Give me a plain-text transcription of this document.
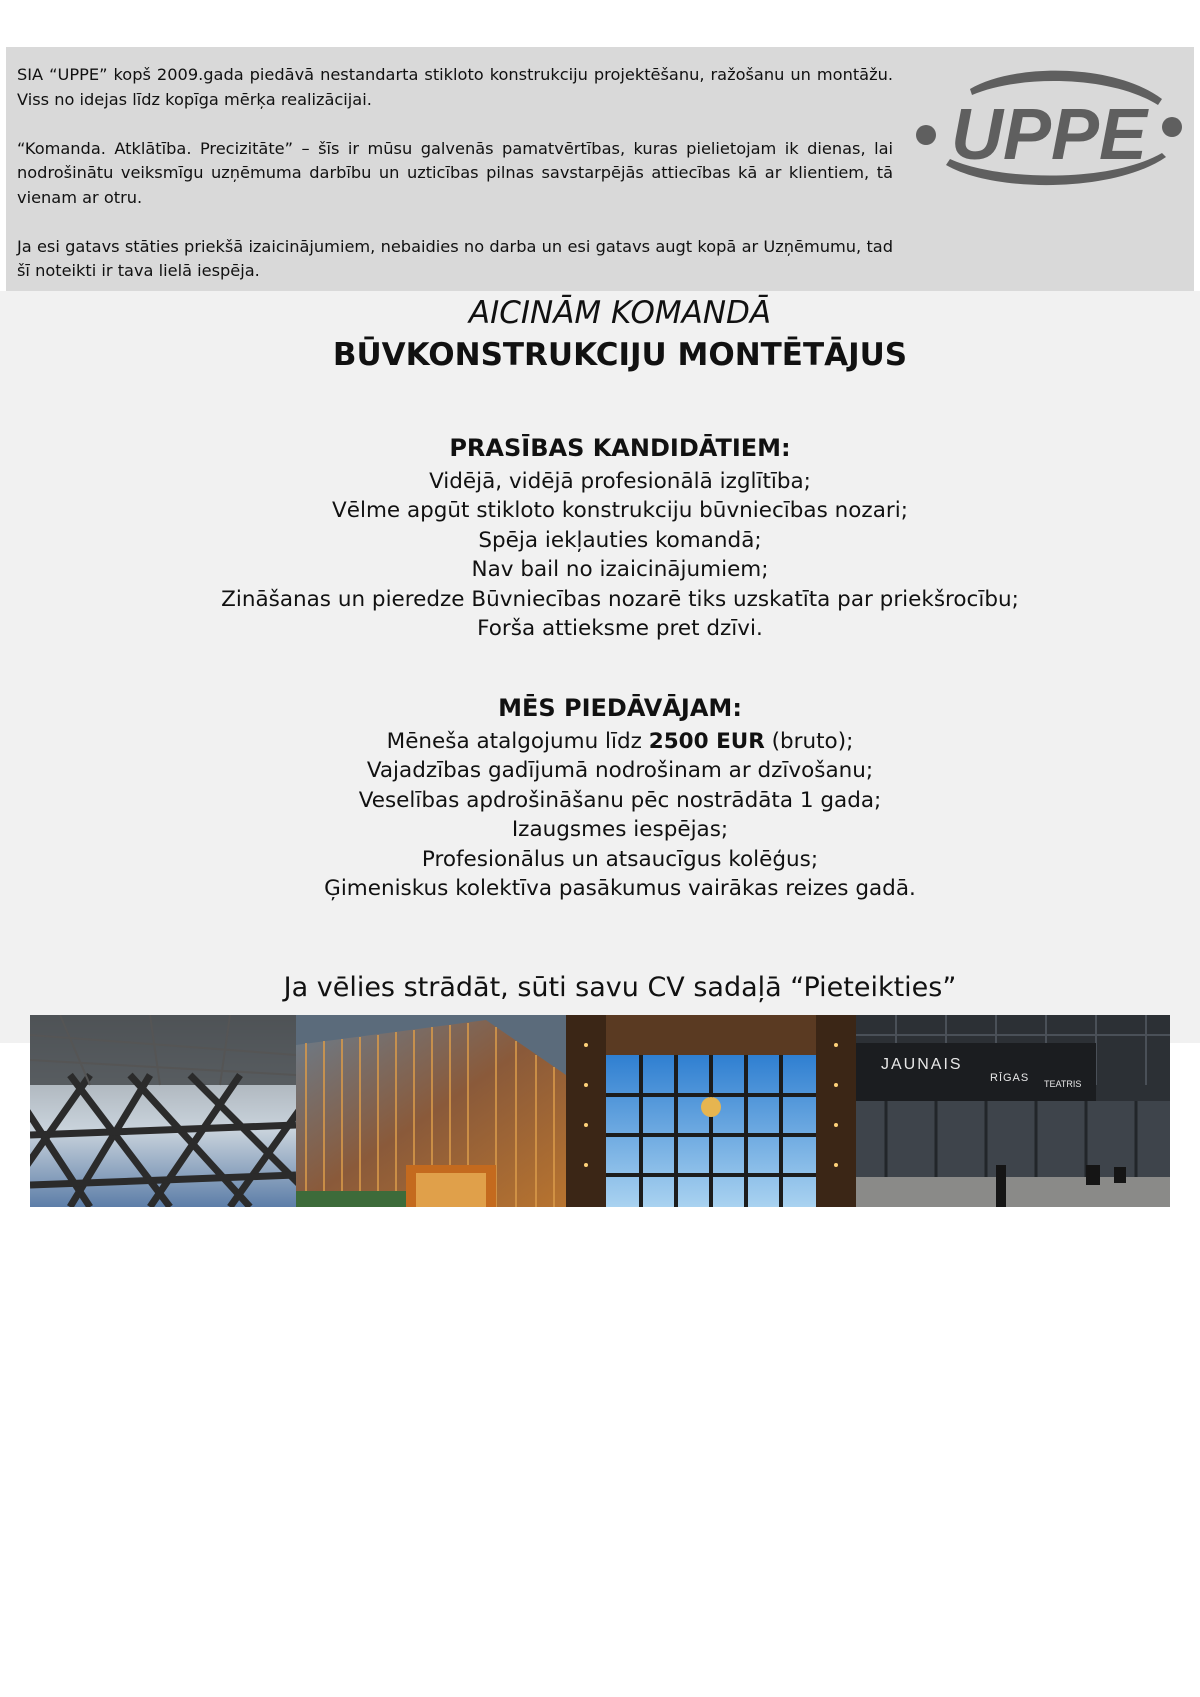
SIA “UPPE” kopš 2009.gada piedāvā nestandarta stikloto konstrukciju projektēšanu, ražošanu un montāžu. Viss no idejas līdz kopīga mērķa realizācijai.

“Komanda. Atklātība. Precizitāte” – šīs ir mūsu galvenās pamatvērtības, kuras pielietojam ik dienas, lai nodrošinātu veiksmīgu uzņēmuma darbību un uzticības pilnas savstarpējās attiecības kā ar klientiem, tā vienam ar otru.

Ja esi gatavs stāties priekšā izaicinājumiem, nebaidies no darba un esi gatavs augt kopā ar Uzņēmumu, tad šī noteikti ir tava lielā iespēja.

UPPE
AICINĀM KOMANDĀ
BŪVKONSTRUKCIJU MONTĒTĀJUS
PRASĪBAS KANDIDĀTIEM:
Vidējā, vidējā profesionālā izglītība;
Vēlme apgūt stikloto konstrukciju būvniecības nozari;
Spēja iekļauties komandā;
Nav bail no izaicinājumiem;
Zināšanas un pieredze Būvniecības nozarē tiks uzskatīta par priekšrocību;
Forša attieksme pret dzīvi.
MĒS PIEDĀVĀJAM:
Mēneša atalgojumu līdz 2500 EUR (bruto);
Vajadzības gadījumā nodrošinam ar dzīvošanu;
Veselības apdrošināšanu pēc nostrādāta 1 gada;
Izaugsmes iespējas;
Profesionālus un atsaucīgus kolēģus;
Ģimeniskus kolektīva pasākumus vairākas reizes gadā.
Ja vēlies strādāt, sūti savu CV sadaļā “Pieteikties”
JAUNAIS
RĪGAS TEATRIS
